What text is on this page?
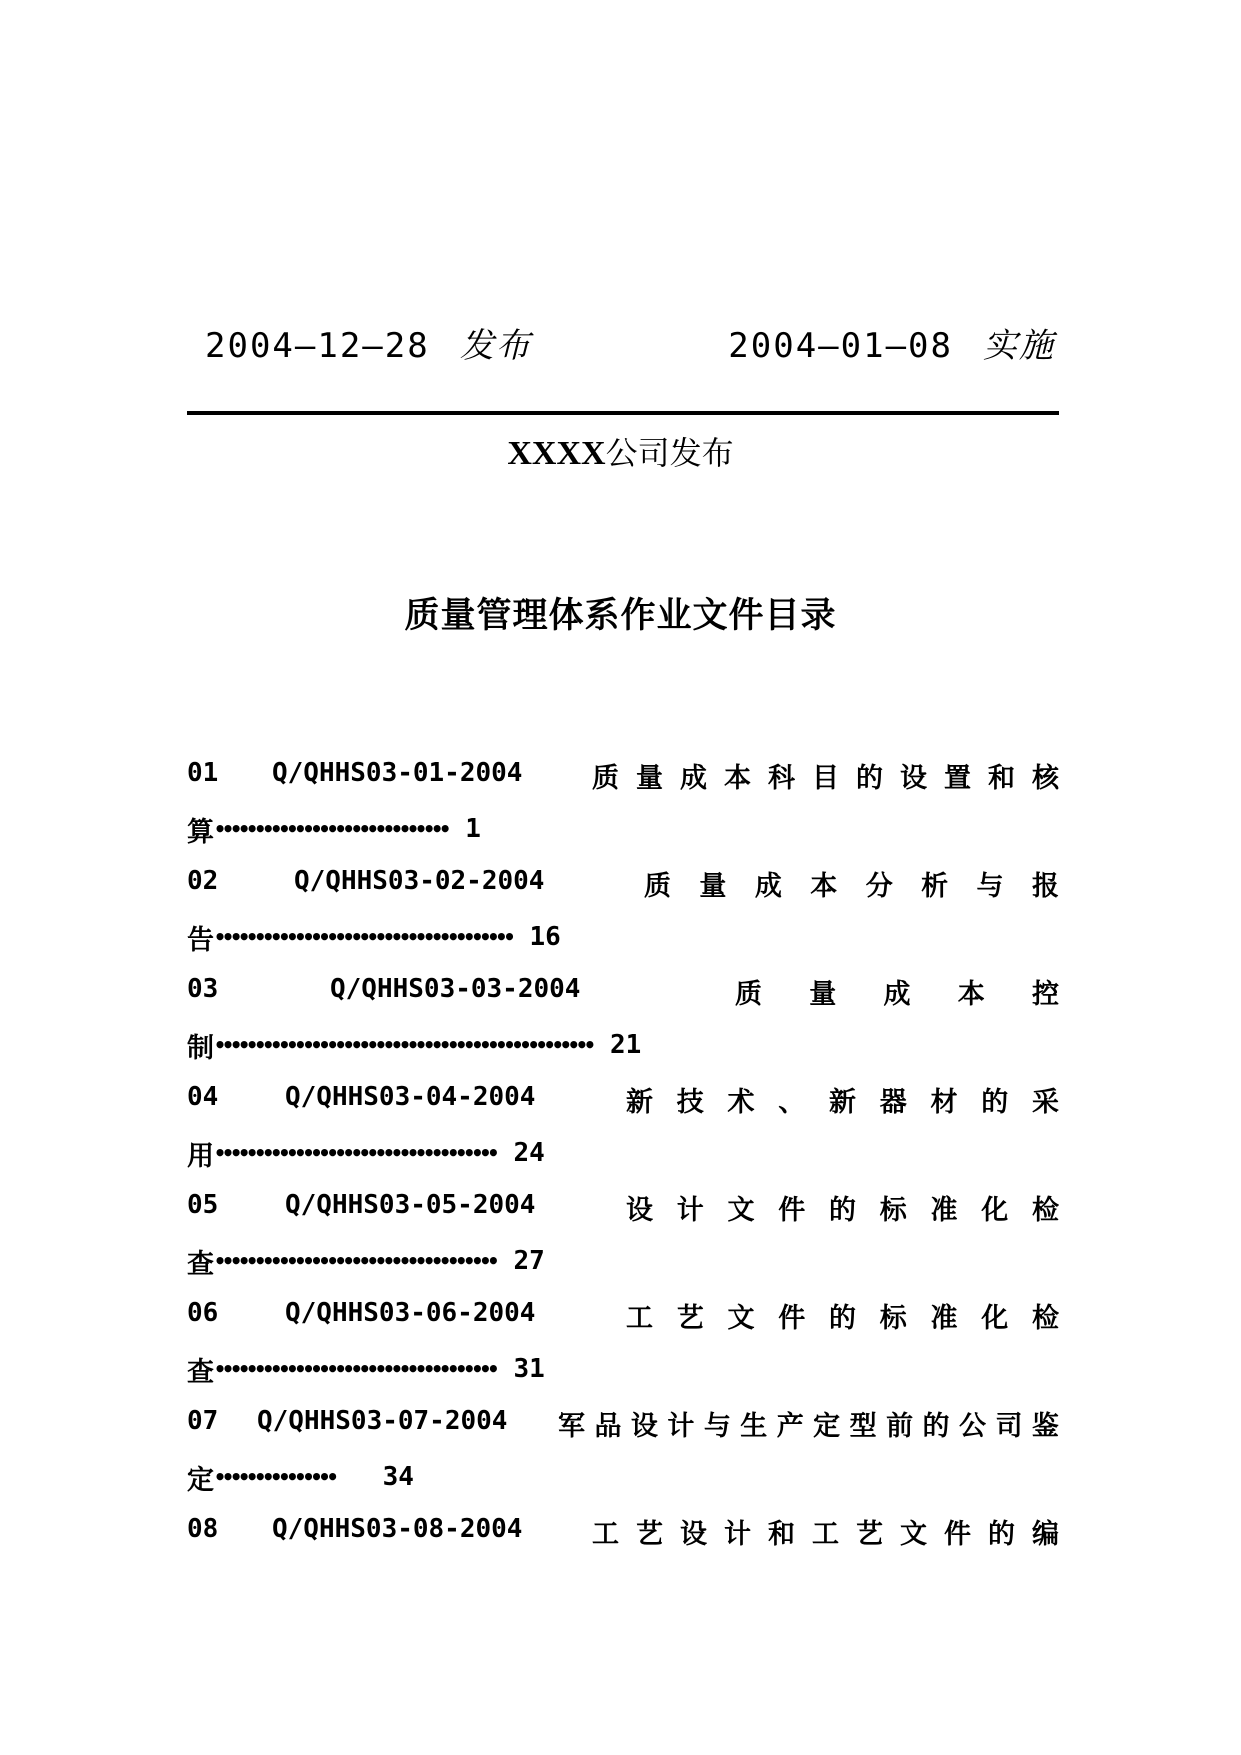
2004—12—28 发布	2004—01—08 实施
XXXX公司发布
质量管理体系作业文件目录
01 Q/QHHS03-01-2004	质 量 成 本 科 目 的 设 置 和 核
算 ••••••••••••••••••••••••••••• 1
02	Q/QHHS03-02-2004	质 量 成 本 分 析 与 报
告 ••••••••••••••••••••••••••••••••••••• 16
03	Q/QHHS03-03-2004	质 量 成 本 控
制 ••••••••••••••••••••••••••••••••••••••••••••••• 21
04	Q/QHHS03-04-2004	新 技 术 、 新 器 材 的 采
用 ••••••••••••••••••••••••••••••••••• 24
05	Q/QHHS03-05-2004	设 计 文 件 的 标 准 化 检
查 ••••••••••••••••••••••••••••••••••• 27
06	Q/QHHS03-06-2004	工 艺 文 件 的 标 准 化 检
查 ••••••••••••••••••••••••••••••••••• 31
07 Q/QHHS03-07-2004 军 品 设 计 与 生 产 定 型 前 的 公 司 鉴
定 ••••••••••••••• 34
08 Q/QHHS03-08-2004	工 艺 设 计 和 工 艺 文 件 的 编
